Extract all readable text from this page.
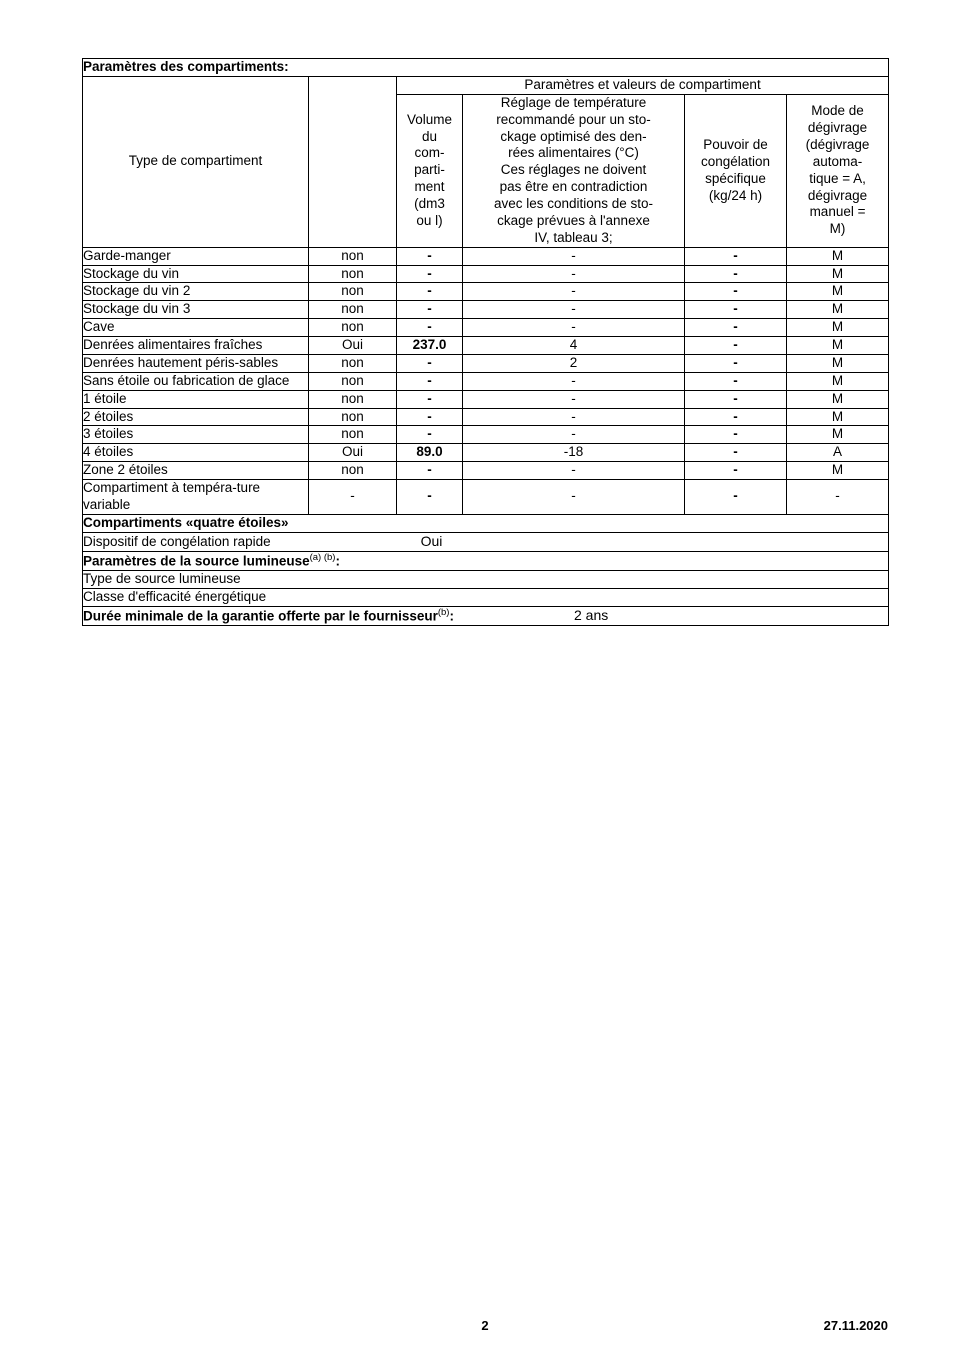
Paramètres des compartiments:					
Type de compartiment		Paramètres et valeurs de compartiment			
Volume
du
com-
parti-
ment
(dm3
ou l)	Réglage de température
recommandé pour un sto-
ckage optimisé des den-
rées alimentaires (°C)
Ces réglages ne doivent
pas être en contradiction
avec les conditions de sto-
ckage prévues à l'annexe
IV, tableau 3;	Pouvoir de
congélation
spécifique
(kg/24 h)	Mode de
dégivrage
(dégivrage
automa-
tique = A,
dégivrage
manuel =
M)
Garde-manger	non	-	-	-	M
Stockage du vin	non	-	-	-	M
Stockage du vin 2	non	-	-	-	M
Stockage du vin 3	non	-	-	-	M
Cave	non	-	-	-	M
Denrées alimentaires fraîches	Oui	237.0	4	-	M
Denrées hautement péris-sables	non	-	2	-	M
Sans étoile ou fabrication de glace	non	-	-	-	M
1 étoile	non	-	-	-	M
2 étoiles	non	-	-	-	M
3 étoiles	non	-	-	-	M
4 étoiles	Oui	89.0	-18	-	A
Zone 2 étoiles	non	-	-	-	M
Compartiment à tempéra-ture variable	-	-	-	-	-
Compartiments «quatre étoiles»					
Dispositif de congélation rapide Oui					
Paramètres de la source lumineuse$^{(a) (b)}$:					
Type de source lumineuse					
Classe d'efficacité énergétique					
Durée minimale de la garantie offerte par le fournisseur$^{(b)}$: 2 ans					
2	27.11.2020
